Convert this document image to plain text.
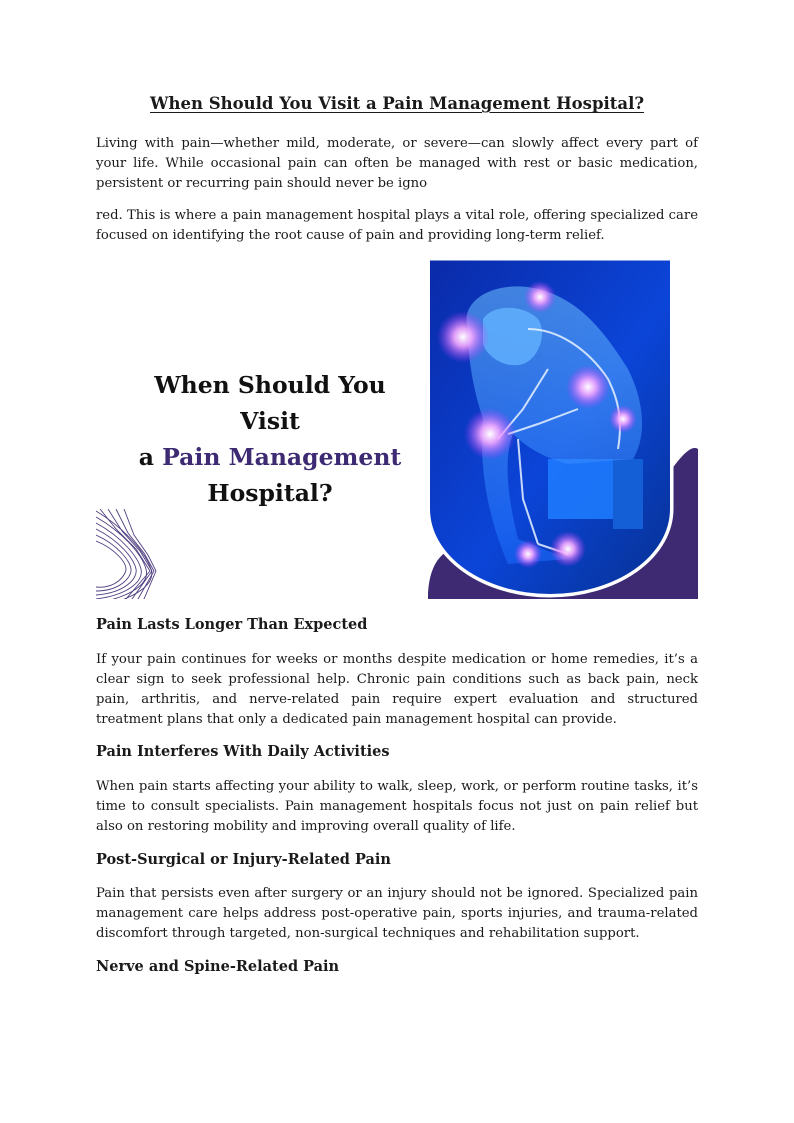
When Should You Visit a Pain Management Hospital?

Living with pain—whether mild, moderate, or severe—can slowly affect every part of your life. While occasional pain can often be managed with rest or basic medication, persistent or recurring pain should never be igno

red. This is where a pain management hospital plays a vital role, offering specialized care focused on identifying the root cause of pain and providing long-term relief.

When Should You Visit
a Pain Management
Hospital?
Pain Lasts Longer Than Expected

If your pain continues for weeks or months despite medication or home remedies, it’s a clear sign to seek professional help. Chronic pain conditions such as back pain, neck pain, arthritis, and nerve-related pain require expert evaluation and structured treatment plans that only a dedicated pain management hospital can provide.

Pain Interferes With Daily Activities

When pain starts affecting your ability to walk, sleep, work, or perform routine tasks, it’s time to consult specialists. Pain management hospitals focus not just on pain relief but also on restoring mobility and improving overall quality of life.

Post-Surgical or Injury-Related Pain

Pain that persists even after surgery or an injury should not be ignored. Specialized pain management care helps address post-operative pain, sports injuries, and trauma-related discomfort through targeted, non-surgical techniques and rehabilitation support.

Nerve and Spine-Related Pain
